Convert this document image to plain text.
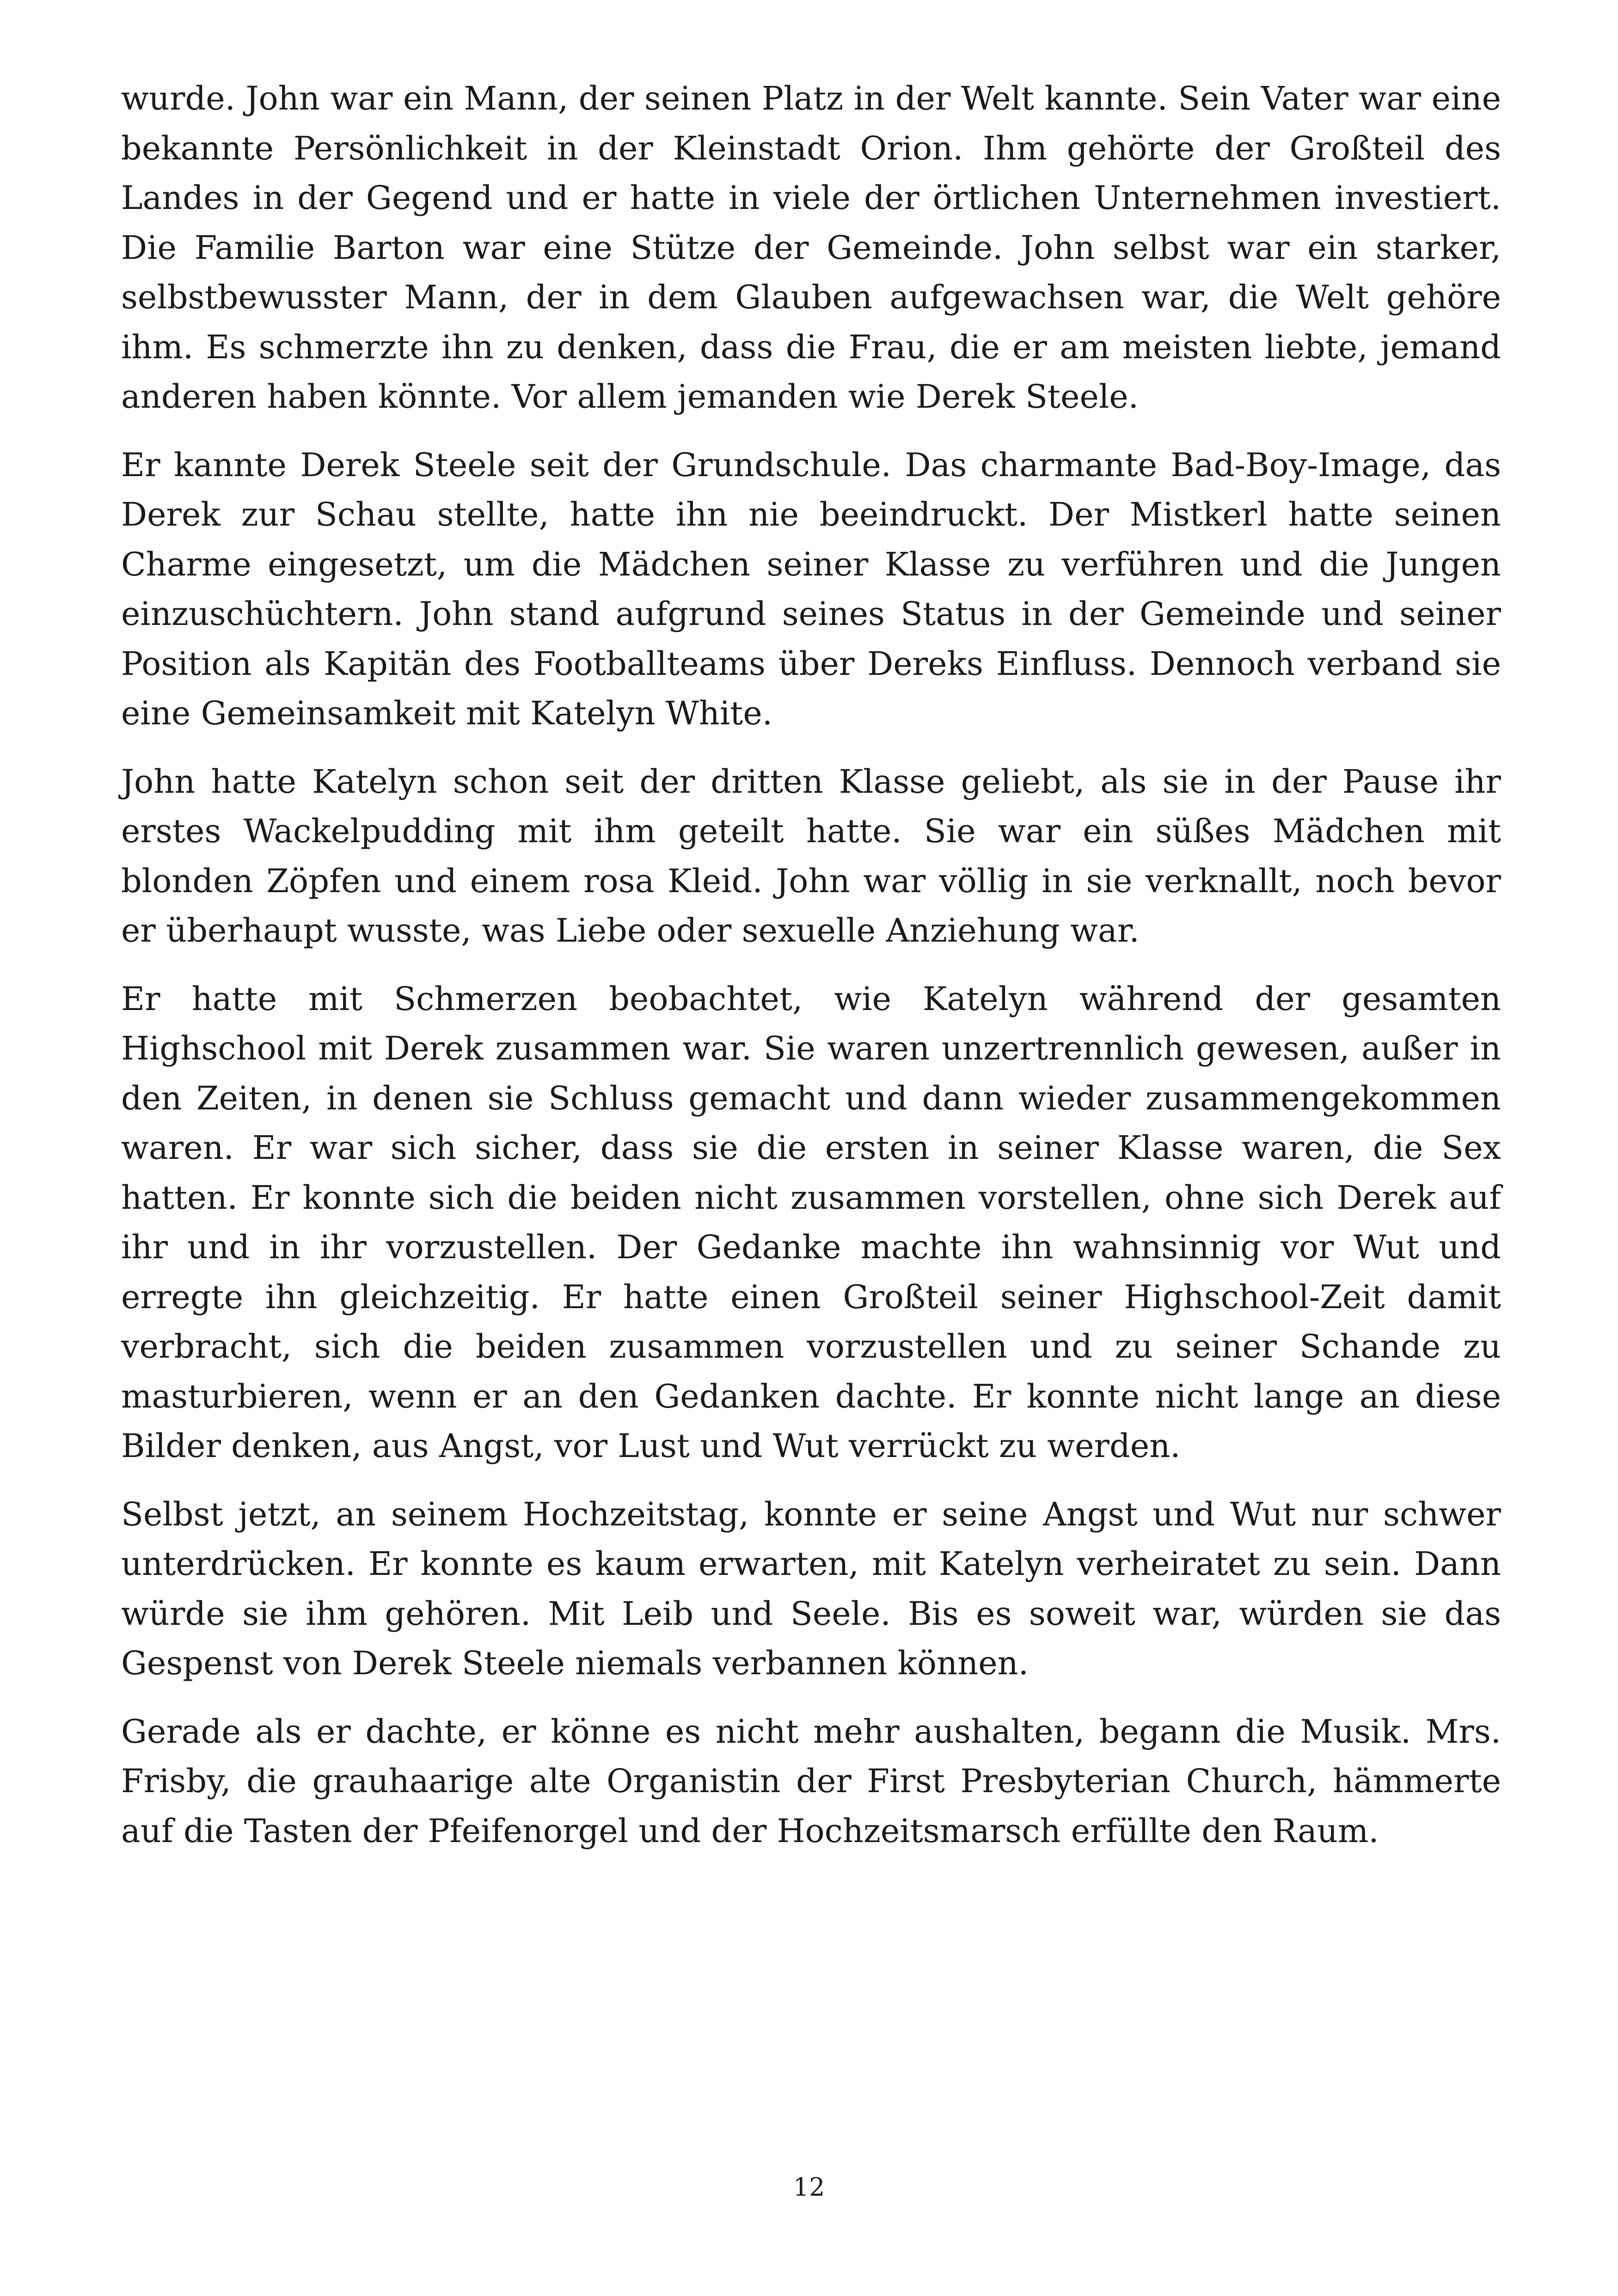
wurde. John war ein Mann, der seinen Platz in der Welt kannte. Sein Vater war eine bekannte Persönlichkeit in der Kleinstadt Orion. Ihm gehörte der Großteil des Landes in der Gegend und er hatte in viele der örtlichen Unternehmen investiert. Die Familie Barton war eine Stütze der Gemeinde. John selbst war ein starker, selbstbewusster Mann, der in dem Glauben aufgewachsen war, die Welt gehöre ihm. Es schmerzte ihn zu denken, dass die Frau, die er am meisten liebte, jemand anderen haben könnte. Vor allem jemanden wie Derek Steele.

Er kannte Derek Steele seit der Grundschule. Das charmante Bad-Boy-Image, das Derek zur Schau stellte, hatte ihn nie beeindruckt. Der Mistkerl hatte seinen Charme eingesetzt, um die Mädchen seiner Klasse zu verführen und die Jungen einzuschüchtern. John stand aufgrund seines Status in der Gemeinde und seiner Position als Kapitän des Footballteams über Dereks Einfluss. Dennoch verband sie eine Gemeinsamkeit mit Katelyn White.

John hatte Katelyn schon seit der dritten Klasse geliebt, als sie in der Pause ihr erstes Wackelpudding mit ihm geteilt hatte. Sie war ein süßes Mädchen mit blonden Zöpfen und einem rosa Kleid. John war völlig in sie verknallt, noch bevor er überhaupt wusste, was Liebe oder sexuelle Anziehung war.

Er hatte mit Schmerzen beobachtet, wie Katelyn während der gesamten Highschool mit Derek zusammen war. Sie waren unzertrennlich gewesen, außer in den Zeiten, in denen sie Schluss gemacht und dann wieder zusammengekommen waren. Er war sich sicher, dass sie die ersten in seiner Klasse waren, die Sex hatten. Er konnte sich die beiden nicht zusammen vorstellen, ohne sich Derek auf ihr und in ihr vorzustellen. Der Gedanke machte ihn wahnsinnig vor Wut und erregte ihn gleichzeitig. Er hatte einen Großteil seiner Highschool-Zeit damit verbracht, sich die beiden zusammen vorzustellen und zu seiner Schande zu masturbieren, wenn er an den Gedanken dachte. Er konnte nicht lange an diese Bilder denken, aus Angst, vor Lust und Wut verrückt zu werden.

Selbst jetzt, an seinem Hochzeitstag, konnte er seine Angst und Wut nur schwer unterdrücken. Er konnte es kaum erwarten, mit Katelyn verheiratet zu sein. Dann würde sie ihm gehören. Mit Leib und Seele. Bis es soweit war, würden sie das Gespenst von Derek Steele niemals verbannen können.

Gerade als er dachte, er könne es nicht mehr aushalten, begann die Musik. Mrs. Frisby, die grauhaarige alte Organistin der First Presbyterian Church, hämmerte auf die Tasten der Pfeifenorgel und der Hochzeitsmarsch erfüllte den Raum.

12
